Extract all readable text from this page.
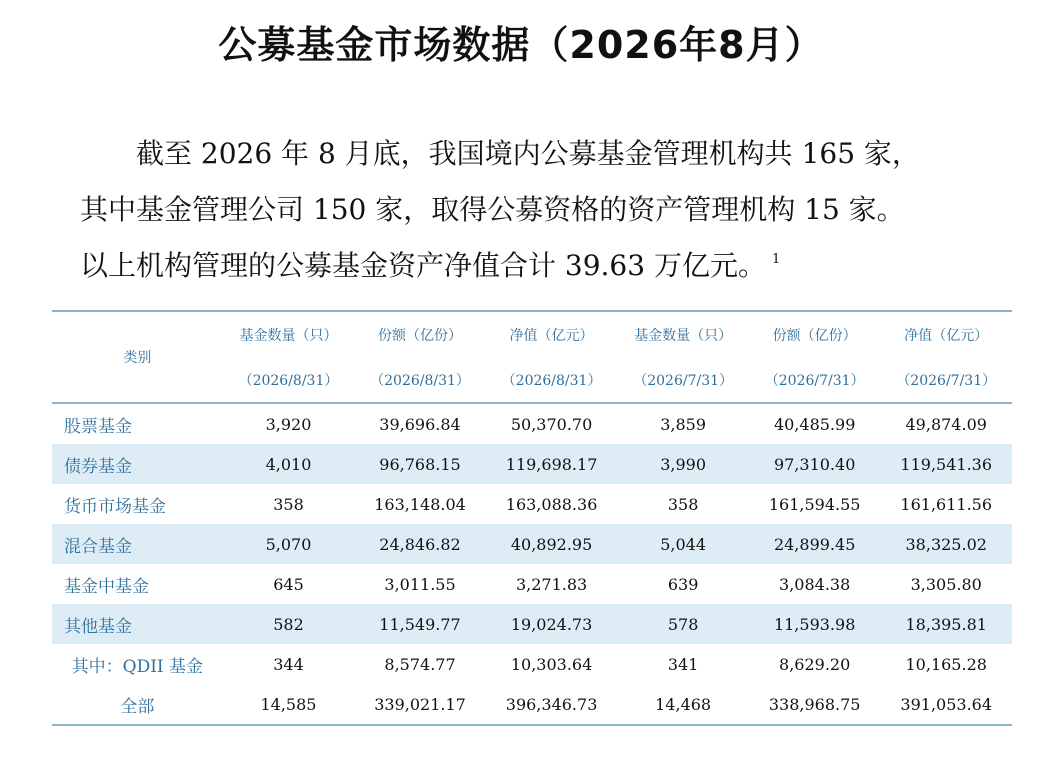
公募基金市场数据（2026年8月）
截至 2026 年 8 月底，我国境内公募基金管理机构共 165 家，
其中基金管理公司 150 家，取得公募资格的资产管理机构 15 家。
以上机构管理的公募基金资产净值合计 39.63 万亿元。 $^1$
类别	基金数量（只）	份额（亿份）	净值（亿元）	基金数量（只）	份额（亿份）	净值（亿元）
	（2026/8/31）	（2026/8/31）	（2026/8/31）	（2026/7/31）	（2026/7/31）	（2026/7/31）
股票基金	3,920	39,696.84	50,370.70	3,859	40,485.99	49,874.09
债券基金	4,010	96,768.15	119,698.17	3,990	97,310.40	119,541.36
货币市场基金	358	163,148.04	163,088.36	358	161,594.55	161,611.56
混合基金	5,070	24,846.82	40,892.95	5,044	24,899.45	38,325.02
基金中基金	645	3,011.55	3,271.83	639	3,084.38	3,305.80
其他基金	582	11,549.77	19,024.73	578	11,593.98	18,395.81
其中：QDII 基金	344	8,574.77	10,303.64	341	8,629.20	10,165.28
全部	14,585	339,021.17	396,346.73	14,468	338,968.75	391,053.64
